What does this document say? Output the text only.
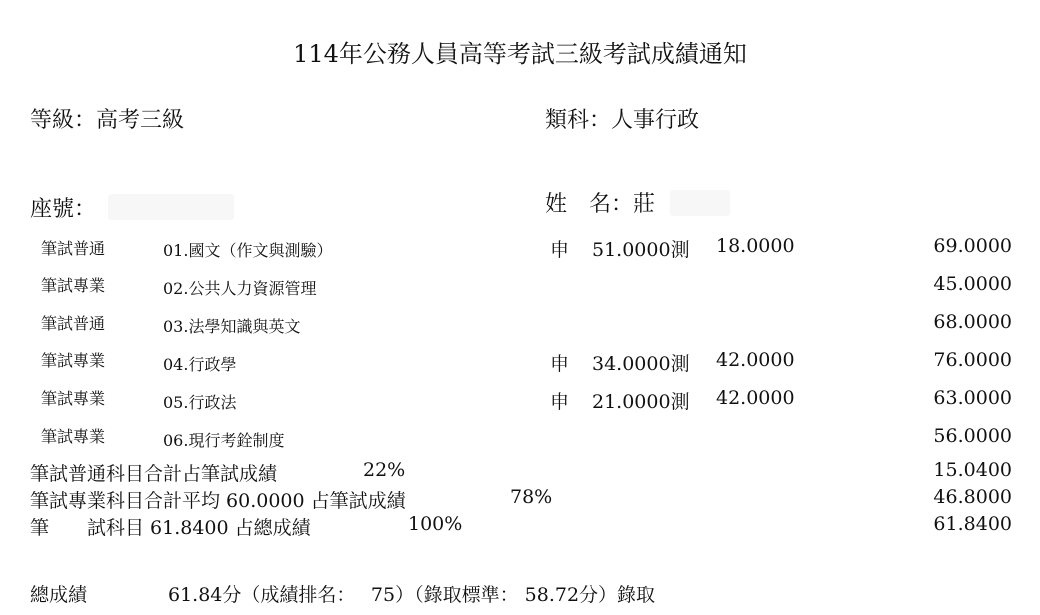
114年公務人員高等考試三級考試成績通知
等級：高考三級	類科：人事行政
座號：	姓　名：莊
筆試普通	01.國文（作文與測驗）	申 51.0000測 18.0000	69.0000
筆試專業	02.公共人力資源管理	45.0000
筆試普通	03.法學知識與英文	68.0000
筆試專業	04.行政學	申 34.0000測 42.0000	76.0000
筆試專業	05.行政法	申 21.0000測 42.0000	63.0000
筆試專業	06.現行考銓制度	56.0000
筆試普通科目合計占筆試成績	22%	15.0400
筆試專業科目合計平均 60.0000 占筆試成績	78%	46.8000
筆　　試科目 61.8400 占總成績	100%	61.8400
總成績	61.84分（成績排名：　 75）（錄取標準： 58.72分）錄取
